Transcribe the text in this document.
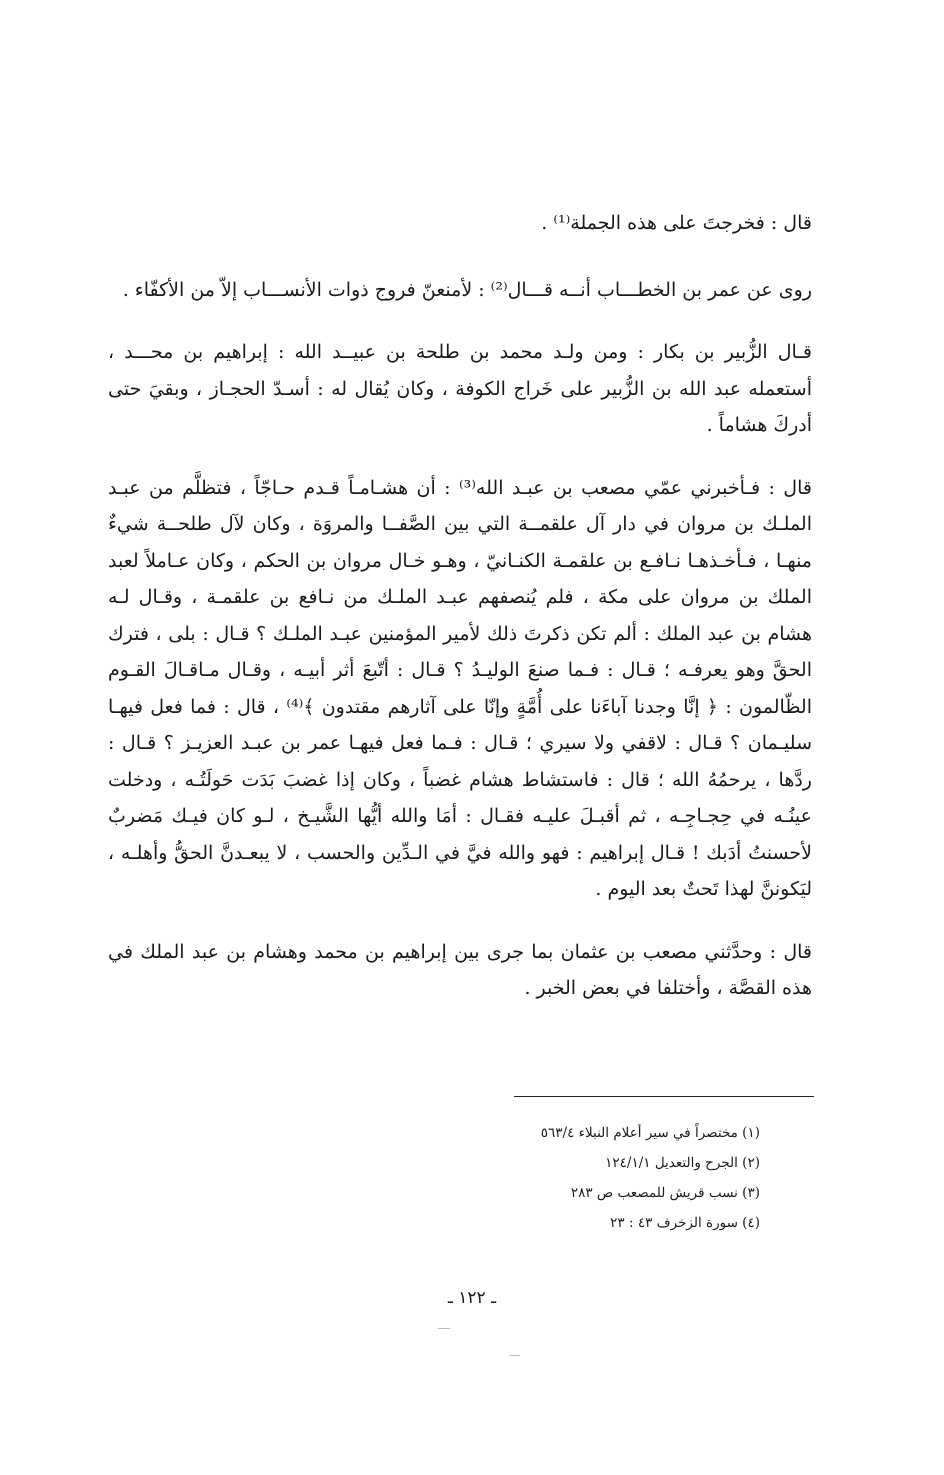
قال : فخرجتَ على هذه الجملة⁽¹⁾ .

روى عن عمر بن الخطـــاب أنــه قـــال⁽²⁾ : لأمنعنّ فروج ذوات الأنســـاب إلاّ من الأكفّاء .

قـال الزُّبير بن بكار : ومن ولـد محمد بن طلحة بن عبيــد الله : إبراهيم بن محـــد ، أستعمله عبد الله بن الزُّبير على خَراج الكوفة ، وكان يُقال له : أسـدّ الحجـاز ، وبقيَ حتى أدركَ هشاماً .

قال : فـأخبرني عمّي مصعب بن عبـد الله⁽³⁾ : أن هشـامـاً قـدم حـاجّاً ، فتظلَّم من عبـد الملـك بن مروان في دار آل علقمــة التي بين الصَّفــا والمروَة ، وكان لآل طلحــة شيءٌ منهـا ، فـأخـذهـا نـافـع بن علقمـة الكنـانيّ ، وهـو خـال مروان بن الحكم ، وكان عـاملاً لعبد الملك بن مروان على مكة ، فلم يُنصفهم عبـد الملـك من نـافع بن علقمـة ، وقـال لـه هشام بن عبد الملك : ألم تكن ذكرتَ ذلك لأمير المؤمنين عبـد الملـك ؟ قـال : بلى ، فترك الحقَّ وهو يعرفـه ؛ قـال : فـما صنعَ الوليـدُ ؟ قـال : أتّبعَ أثر أبيـه ، وقـال مـاقـالَ القـوم الظّالمون : ﴿ إنَّا وجدنا آباءَنا على أُمَّةٍ وإنّا على آثارهم مقتدون ﴾⁽⁴⁾ ، قال : فما فعل فيهـا سليـمان ؟ قـال : لاقفي ولا سيري ؛ قـال : فـما فعل فيهـا عمر بن عبـد العزيـز ؟ قـال : ردَّها ، يرحمُهُ الله ؛ قال : فاستشاط هشام غضباً ، وكان إذا غضبَ بَدَت حَولَتُـه ، ودخلت عينُـه في حِجـاجِـه ، ثم أقبـلَ عليـه فقـال : أمَا والله أيُّها الشَّيـخ ، لـو كان فيـك مَضربٌ لأحسنتُ أدَبك ! قـال إبراهيم : فهو والله فيَّ في الـدِّين والحسب ، لا يبعـدنَّ الحقُّ وأهلـه ، ليَكوننَّ لهذا تَحتٌ بعد اليوم .

قال : وحدَّثني مصعب بن عثمان بما جرى بين إبراهيم بن محمد وهشام بن عبد الملك في هذه القصَّة ، وأختلفا في بعض الخبر .

(١) مختصراً في سير أعلام النبلاء ٥٦٣/٤

(٢) الجرح والتعديل ١٢٤/١/١

(٣) نسب قريش للمصعب ص ٢٨٣

(٤) سورة الزخرف ٤٣ : ٢٣

ـ ١٢٢ ـ
